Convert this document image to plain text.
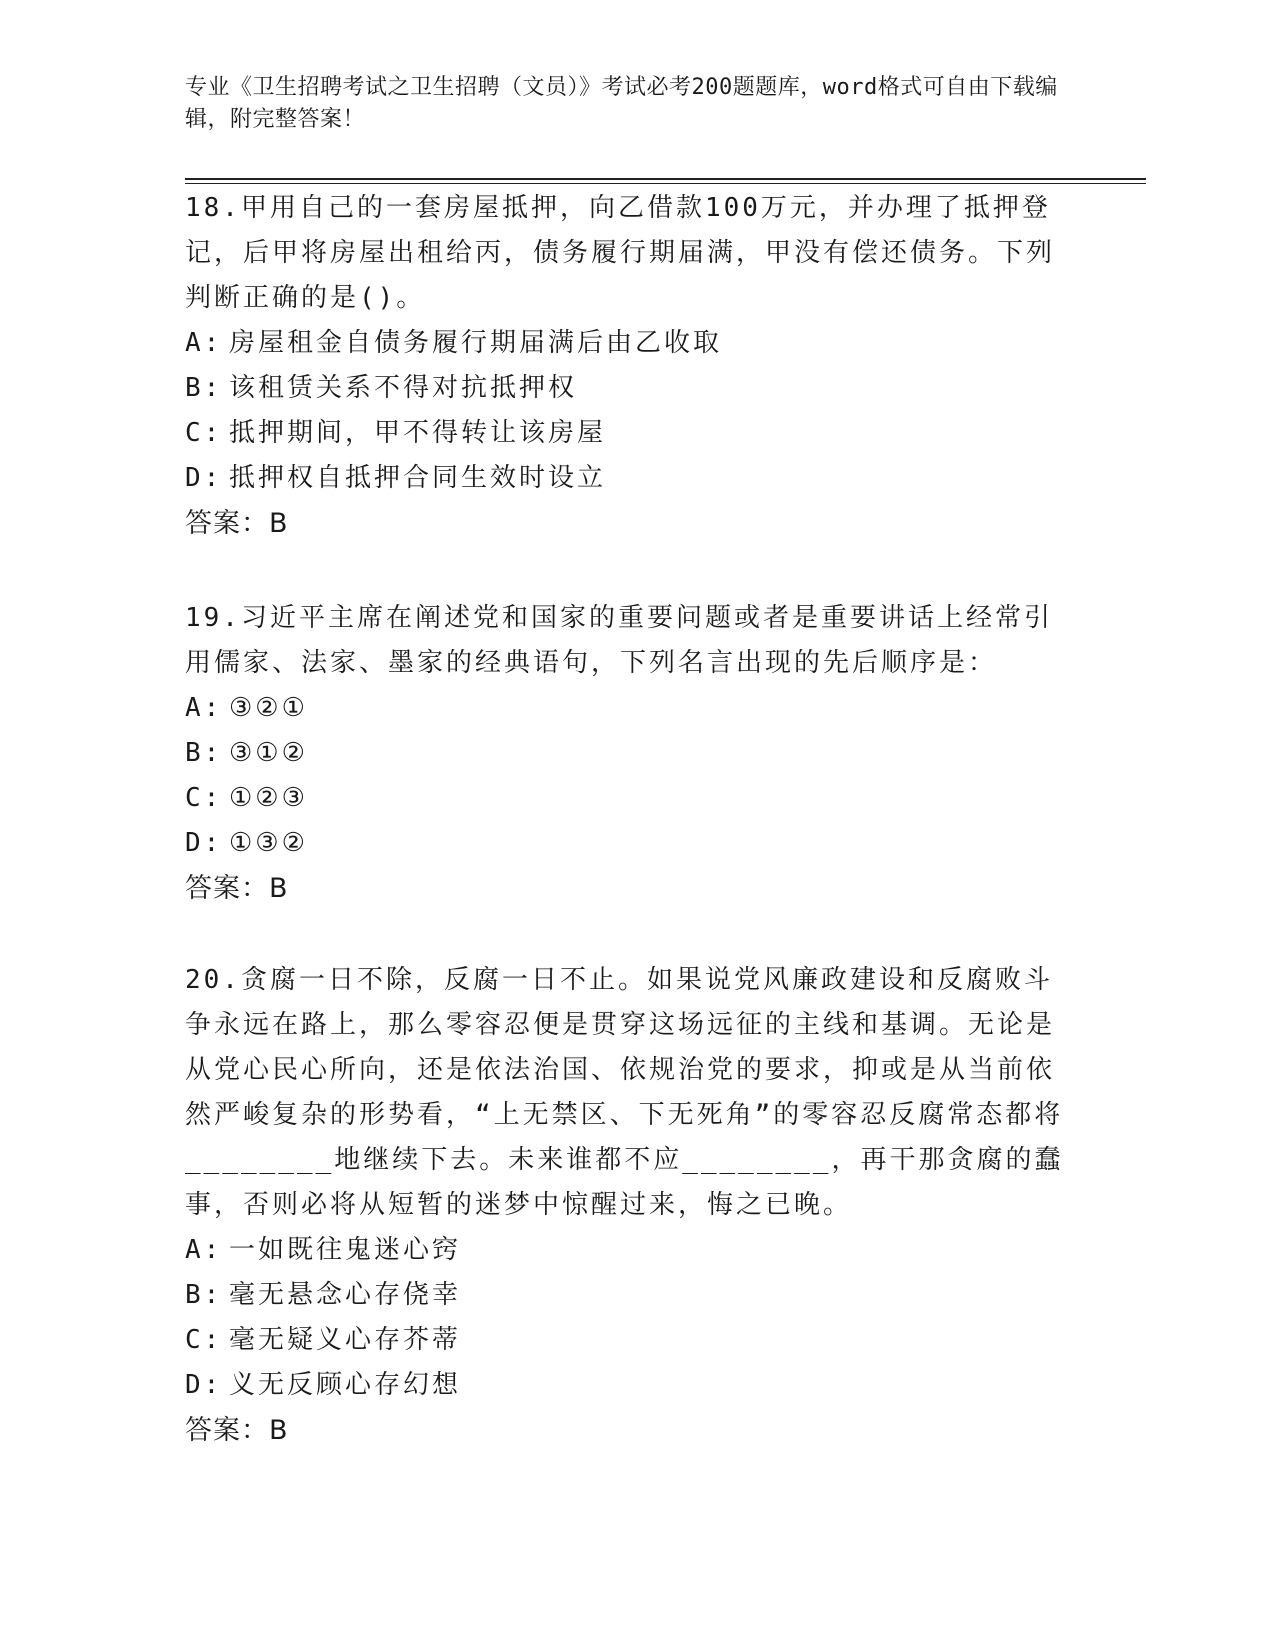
专业《卫生招聘考试之卫生招聘（文员）》考试必考200题题库，word格式可自由下载编辑，附完整答案！

18.甲用自己的一套房屋抵押，向乙借款100万元，并办理了抵押登记，后甲将房屋出租给丙，债务履行期届满，甲没有偿还债务。下列判断正确的是()。

A: 房屋租金自债务履行期届满后由乙收取
B: 该租赁关系不得对抗抵押权
C: 抵押期间，甲不得转让该房屋
D: 抵押权自抵押合同生效时设立
答案：B

19.习近平主席在阐述党和国家的重要问题或者是重要讲话上经常引用儒家、法家、墨家的经典语句，下列名言出现的先后顺序是：

A: ③②①
B: ③①②
C: ①②③
D: ①③②
答案：B

20.贪腐一日不除，反腐一日不止。如果说党风廉政建设和反腐败斗争永远在路上，那么零容忍便是贯穿这场远征的主线和基调。无论是从党心民心所向，还是依法治国、依规治党的要求，抑或是从当前依然严峻复杂的形势看，“上无禁区、下无死角”的零容忍反腐常态都将________地继续下去。未来谁都不应________，再干那贪腐的蠢事，否则必将从短暂的迷梦中惊醒过来，悔之已晚。

A: 一如既往鬼迷心窍
B: 毫无悬念心存侥幸
C: 毫无疑义心存芥蒂
D: 义无反顾心存幻想
答案：B
